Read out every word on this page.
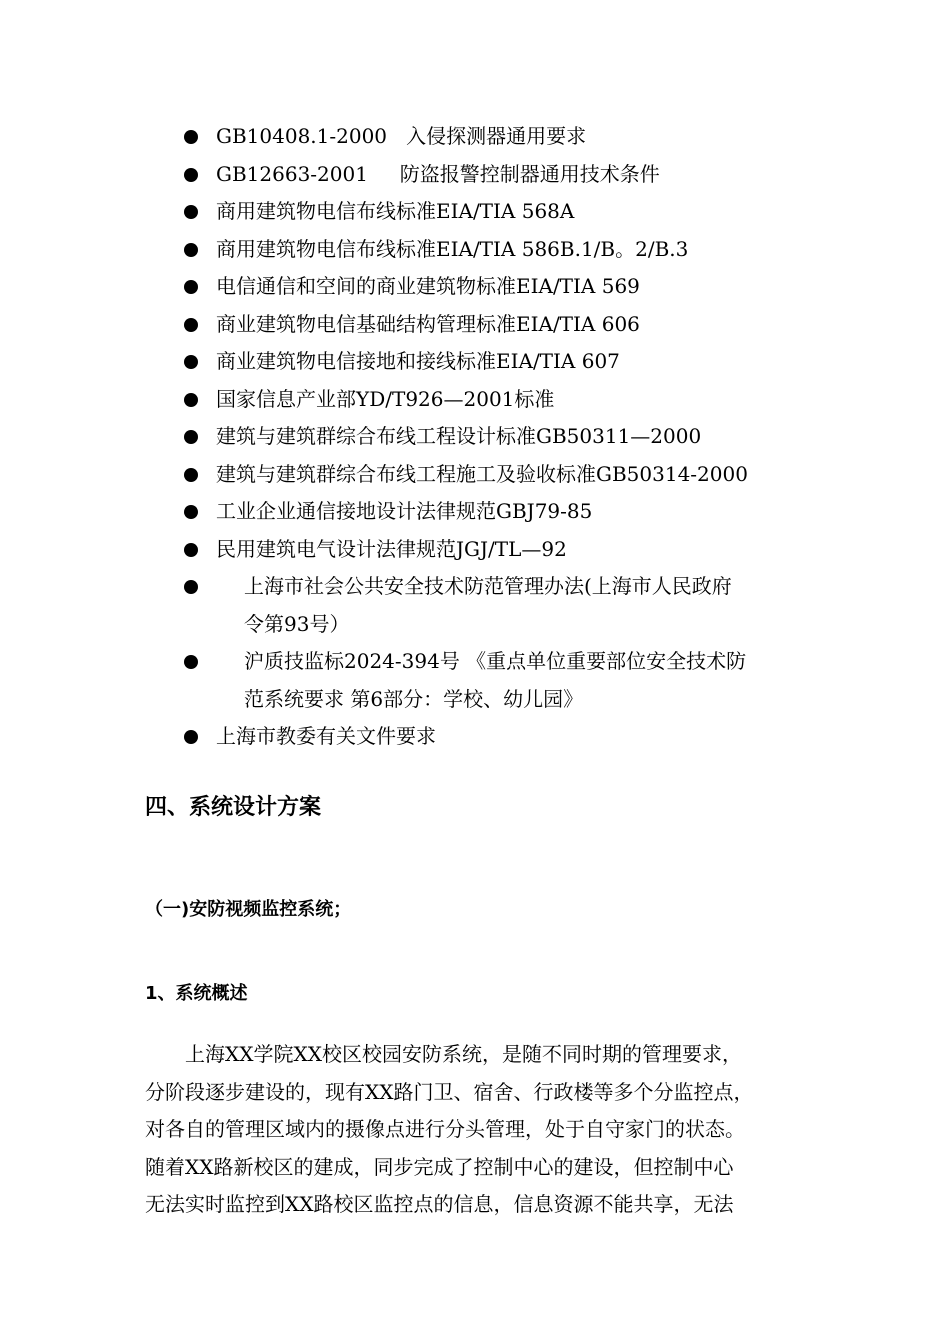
GB10408.1-2000   入侵探测器通用要求
GB12663-2001     防盗报警控制器通用技术条件
商用建筑物电信布线标准EIA/TIA 568A
商用建筑物电信布线标准EIA/TIA 586B.1/B。2/B.3
电信通信和空间的商业建筑物标准EIA/TIA 569
商业建筑物电信基础结构管理标准EIA/TIA 606
商业建筑物电信接地和接线标准EIA/TIA 607
国家信息产业部YD/T926—2001标准
建筑与建筑群综合布线工程设计标准GB50311—2000
建筑与建筑群综合布线工程施工及验收标准GB50314-2000
工业企业通信接地设计法律规范GBJ79-85
民用建筑电气设计法律规范JGJ/TL—92
上海市社会公共安全技术防范管理办法(上海市人民政府
令第93号）
沪质技监标2024-394号 《重点单位重要部位安全技术防
范系统要求 第6部分：学校、幼儿园》
上海市教委有关文件要求
四、系统设计方案
（一)安防视频监控系统；
1、系统概述

　　上海XX学院XX校区校园安防系统，是随不同时期的管理要求，
分阶段逐步建设的，现有XX路门卫、宿舍、行政楼等多个分监控点，
对各自的管理区域内的摄像点进行分头管理，处于自守家门的状态。
随着XX路新校区的建成，同步完成了控制中心的建设，但控制中心
无法实时监控到XX路校区监控点的信息，信息资源不能共享，无法
